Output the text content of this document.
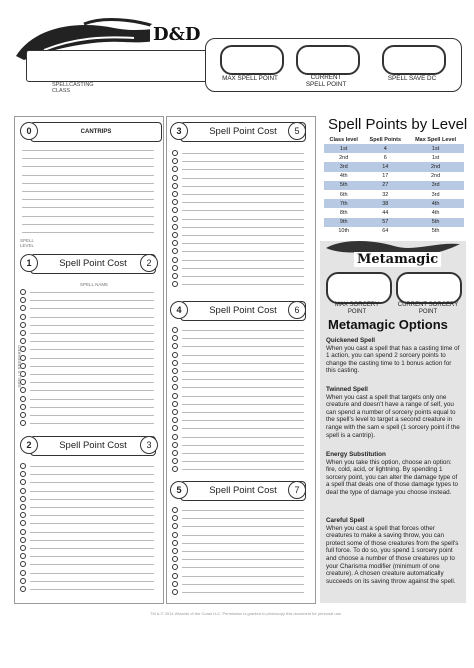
D&D
SPELLCASTING
CLASS
MAX SPELL POINT	CURRENT
SPELL POINT
SPELL SAVE DC
CANTRIPS
0
Spell Point Cost
1	2
SPELL
LEVEL
SPELL NAME
SPELLS PREPARED
Spell Point Cost
2	3
Spell Point Cost
3	5
Spell Point Cost
4	6
Spell Point Cost
5	7
Spell Points by Level
Class level	Spell Points	Max Spell Level
1st	4	1st
2nd	6	1st
3rd	14	2nd
4th	17	2nd
5th	27	3rd
6th	32	3rd
7th	38	4th
8th	44	4th
9th	57	5th
10th	64	5th
Metamagic
MAX SORCERY
POINT
CURRENT SORCERY
POINT
Metamagic Options
Quickened Spell
When you cast a spell that has a casting time of 1 action, you can spend 2 sorcery points to change the casting time to 1 bonus action for this casting.
Twinned Spell
When you cast a spell that targets only one creature and doesn't have a range of self, you can spend a number of sorcery points equal to the spell's level to target a second creature in range with the sam e spell (1 sorcery point if the spell is a cantrip).
Energy Substitution
When you take this option, choose an option: fire, cold, acid, or lightning. By spending 1 sorcery point, you can alter the damage type of a spell that deals one of those damage types to deal the type of damage you choose instead.
Careful Spell
When you cast a spell that forces other creatures to make a saving throw, you can protect some of those creatures from the spell's full force. To do so, you spend 1 sorcery point and choose a number of those creatures up to your Charisma modifier (minimum of one creature). A chosen creature automatically succeeds on its saving throw against the spell.
TM & © 2014 Wizards of the Coast LLC. Permission is granted to photocopy this document for personal use.
